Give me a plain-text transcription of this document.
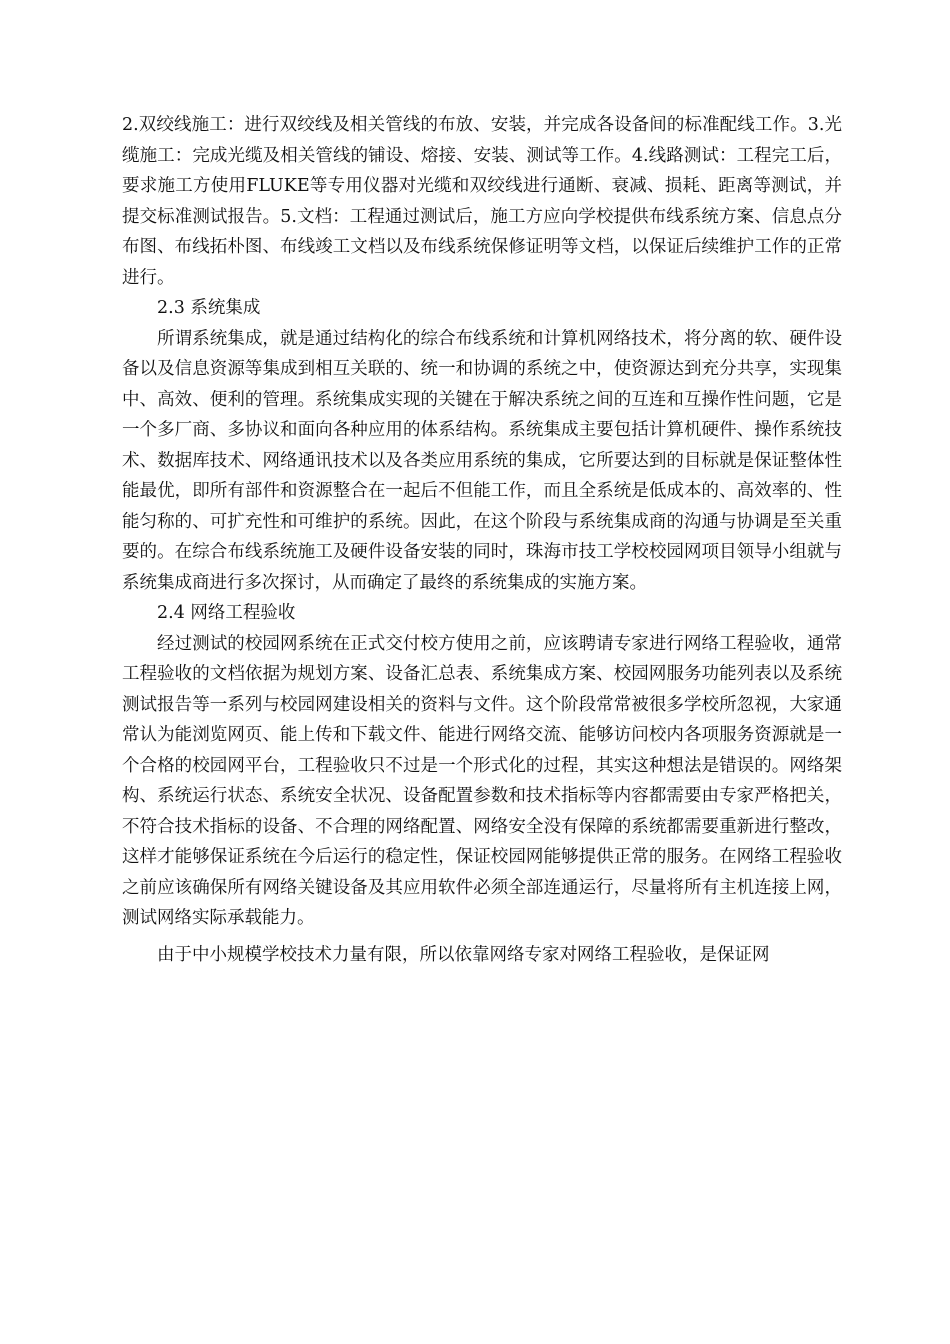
2.双绞线施工：进行双绞线及相关管线的布放、安装，并完成各设备间的标准配线工作。3.光缆施工：完成光缆及相关管线的铺设、熔接、安装、测试等工作。4.线路测试：工程完工后，要求施工方使用FLUKE等专用仪器对光缆和双绞线进行通断、衰减、损耗、距离等测试，并提交标准测试报告。5.文档：工程通过测试后，施工方应向学校提供布线系统方案、信息点分布图、布线拓朴图、布线竣工文档以及布线系统保修证明等文档，以保证后续维护工作的正常进行。

2.3 系统集成

所谓系统集成，就是通过结构化的综合布线系统和计算机网络技术，将分离的软、硬件设备以及信息资源等集成到相互关联的、统一和协调的系统之中，使资源达到充分共享，实现集中、高效、便利的管理。系统集成实现的关键在于解决系统之间的互连和互操作性问题，它是一个多厂商、多协议和面向各种应用的体系结构。系统集成主要包括计算机硬件、操作系统技术、数据库技术、网络通讯技术以及各类应用系统的集成，它所要达到的目标就是保证整体性能最优，即所有部件和资源整合在一起后不但能工作，而且全系统是低成本的、高效率的、性能匀称的、可扩充性和可维护的系统。因此，在这个阶段与系统集成商的沟通与协调是至关重要的。在综合布线系统施工及硬件设备安装的同时，珠海市技工学校校园网项目领导小组就与系统集成商进行多次探讨，从而确定了最终的系统集成的实施方案。

2.4 网络工程验收

经过测试的校园网系统在正式交付校方使用之前，应该聘请专家进行网络工程验收，通常工程验收的文档依据为规划方案、设备汇总表、系统集成方案、校园网服务功能列表以及系统测试报告等一系列与校园网建设相关的资料与文件。这个阶段常常被很多学校所忽视，大家通常认为能浏览网页、能上传和下载文件、能进行网络交流、能够访问校内各项服务资源就是一个合格的校园网平台，工程验收只不过是一个形式化的过程，其实这种想法是错误的。网络架构、系统运行状态、系统安全状况、设备配置参数和技术指标等内容都需要由专家严格把关，不符合技术指标的设备、不合理的网络配置、网络安全没有保障的系统都需要重新进行整改，这样才能够保证系统在今后运行的稳定性，保证校园网能够提供正常的服务。在网络工程验收之前应该确保所有网络关键设备及其应用软件必须全部连通运行，尽量将所有主机连接上网，测试网络实际承载能力。

由于中小规模学校技术力量有限，所以依靠网络专家对网络工程验收，是保证网
